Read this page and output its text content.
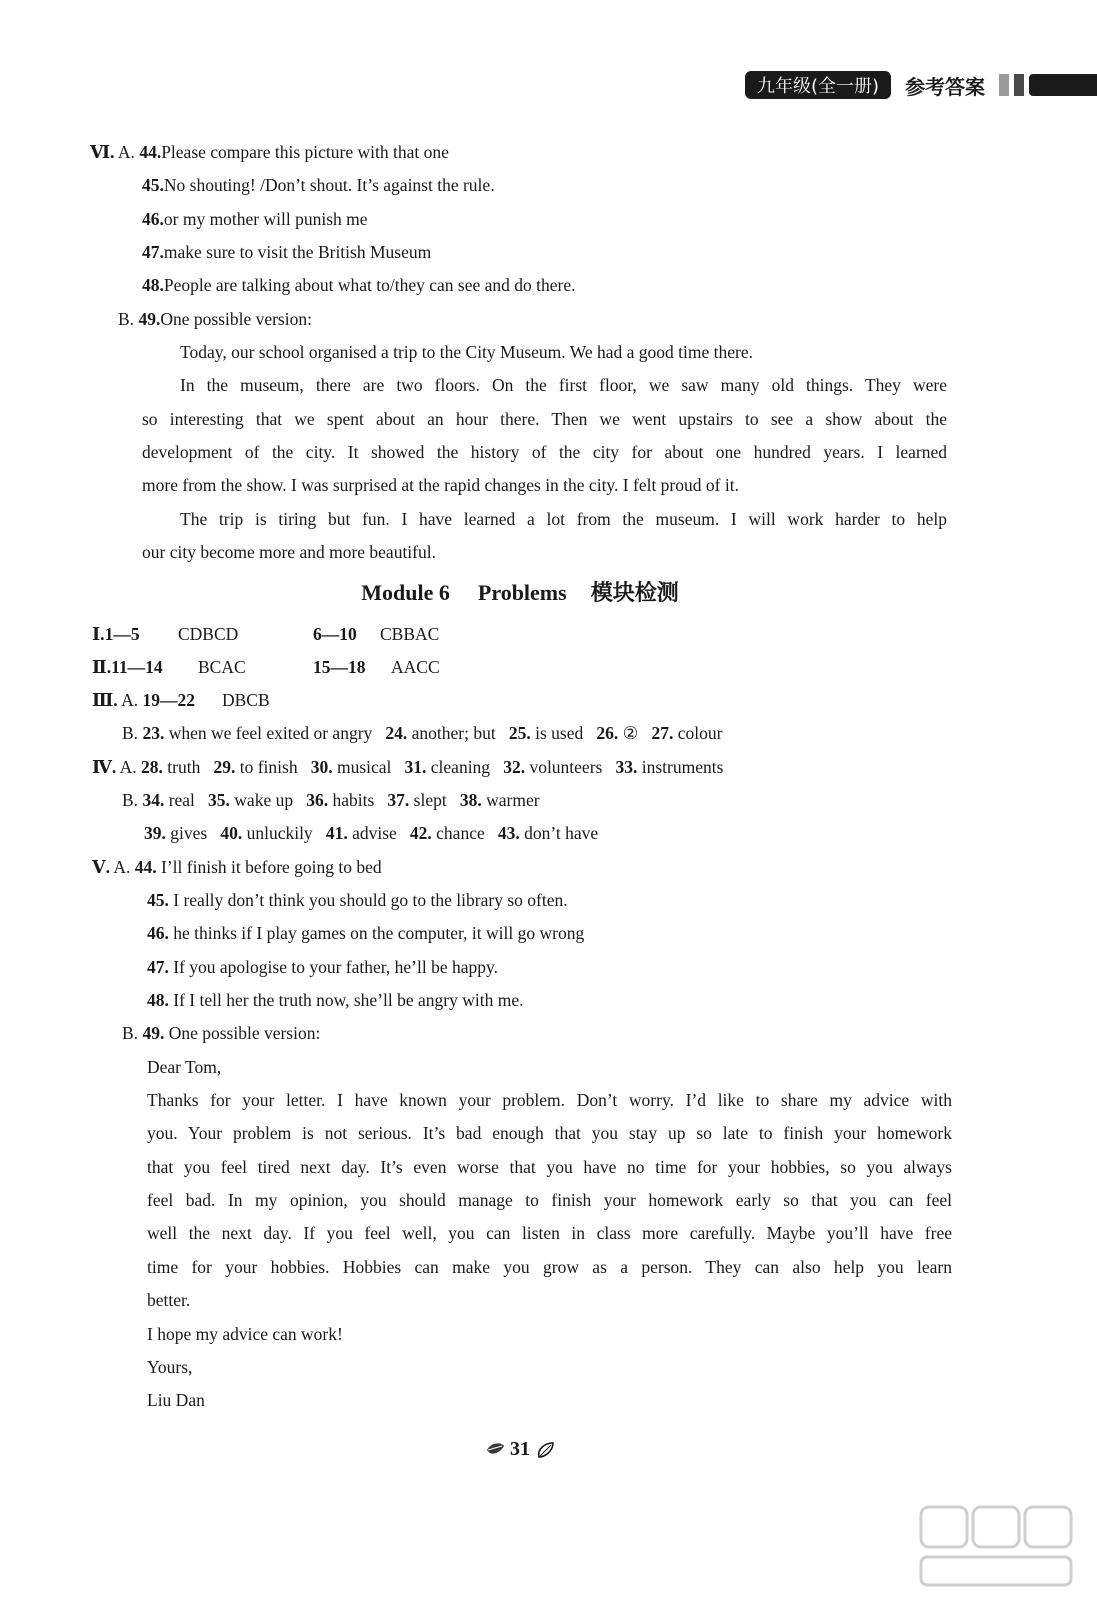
九年级(全一册)	参考答案
Ⅵ. A. 44.Please compare this picture with that one
45.No shouting! /Don’t shout. It’s against the rule.
46.or my mother will punish me
47.make sure to visit the British Museum
48.People are talking about what to/they can see and do there.
B. 49.One possible version:
Today, our school organised a trip to the City Museum. We had a good time there.
In the museum, there are two floors. On the first floor, we saw many old things. They were
so interesting that we spent about an hour there. Then we went upstairs to see a show about the
development of the city. It showed the history of the city for about one hundred years. I learned
more from the show. I was surprised at the rapid changes in the city. I felt proud of it.
The trip is tiring but fun. I have learned a lot from the museum. I will work harder to help
our city become more and more beautiful.
Module 6 Problems 模块检测
Ⅰ.1—5 CDBCD	6—10 CBBAC
Ⅱ.11—14 BCAC	15—18 AACC
Ⅲ. A. 19—22 DBCB
B. 23. when we feel exited or angry 24. another; but 25. is used 26. ② 27. colour
Ⅳ. A. 28. truth 29. to finish 30. musical 31. cleaning 32. volunteers 33. instruments
B. 34. real 35. wake up 36. habits 37. slept 38. warmer
39. gives 40. unluckily 41. advise 42. chance 43. don’t have
Ⅴ. A. 44. I’ll finish it before going to bed
45. I really don’t think you should go to the library so often.
46. he thinks if I play games on the computer, it will go wrong
47. If you apologise to your father, he’ll be happy.
48. If I tell her the truth now, she’ll be angry with me.
B. 49. One possible version:
Dear Tom,
Thanks for your letter. I have known your problem. Don’t worry. I’d like to share my advice with
you. Your problem is not serious. It’s bad enough that you stay up so late to finish your homework
that you feel tired next day. It’s even worse that you have no time for your hobbies, so you always
feel bad. In my opinion, you should manage to finish your homework early so that you can feel
well the next day. If you feel well, you can listen in class more carefully. Maybe you’ll have free
time for your hobbies. Hobbies can make you grow as a person. They can also help you learn
better.
I hope my advice can work!
Yours,
Liu Dan
31
